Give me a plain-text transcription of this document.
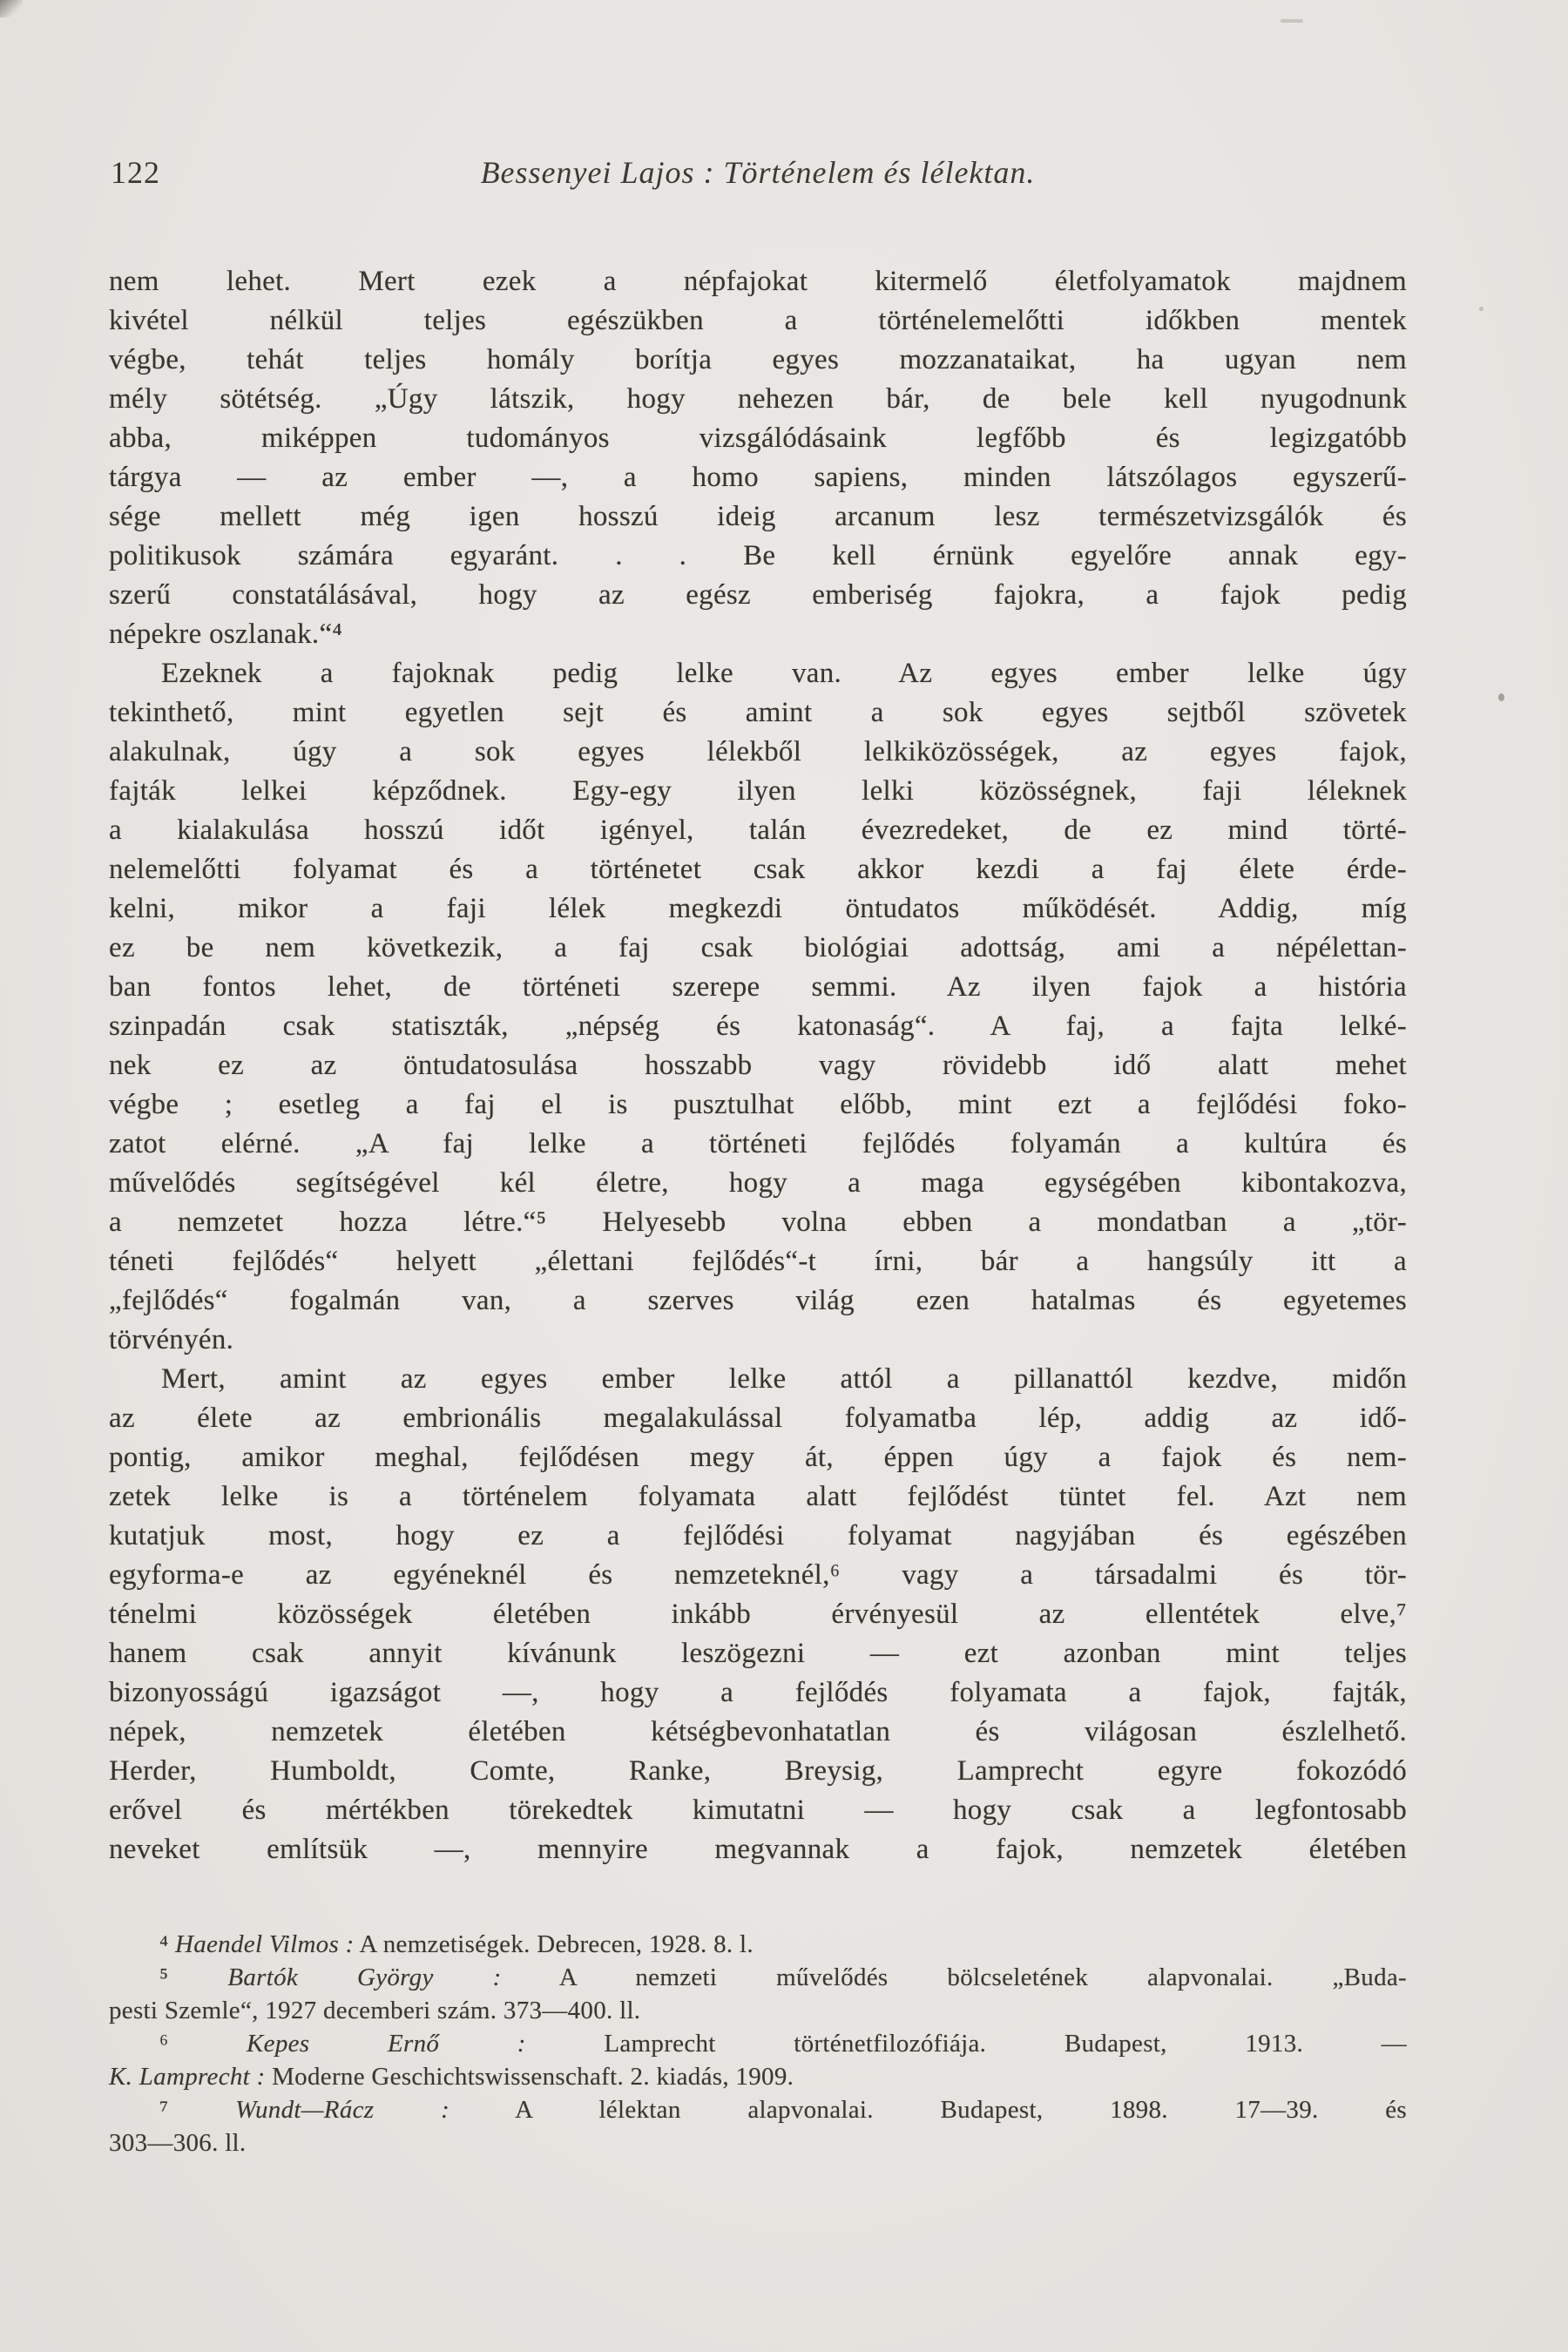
122	Bessenyei Lajos : Történelem és lélektan.
nem lehet. Mert ezek a népfajokat kitermelő életfolyamatok majdnem
kivétel nélkül teljes egészükben a történelemelőtti időkben mentek
végbe, tehát teljes homály borítja egyes mozzanataikat, ha ugyan nem
mély sötétség. „Úgy látszik, hogy nehezen bár, de bele kell nyugodnunk
abba, miképpen tudományos vizsgálódásaink legfőbb és legizgatóbb
tárgya — az ember —, a homo sapiens, minden látszólagos egyszerű-
sége mellett még igen hosszú ideig arcanum lesz természetvizsgálók és
politikusok számára egyaránt. . . Be kell érnünk egyelőre annak egy-
szerű constatálásával, hogy az egész emberiség fajokra, a fajok pedig
népekre oszlanak.“⁴
Ezeknek a fajoknak pedig lelke van. Az egyes ember lelke úgy
tekinthető, mint egyetlen sejt és amint a sok egyes sejtből szövetek
alakulnak, úgy a sok egyes lélekből lelkiközösségek, az egyes fajok,
fajták lelkei képződnek. Egy-egy ilyen lelki közösségnek, faji léleknek
a kialakulása hosszú időt igényel, talán évezredeket, de ez mind törté-
nelemelőtti folyamat és a történetet csak akkor kezdi a faj élete érde-
kelni, mikor a faji lélek megkezdi öntudatos működését. Addig, míg
ez be nem következik, a faj csak biológiai adottság, ami a népélettan-
ban fontos lehet, de történeti szerepe semmi. Az ilyen fajok a história
szinpadán csak statiszták, „népség és katonaság“. A faj, a fajta lelké-
nek ez az öntudatosulása hosszabb vagy rövidebb idő alatt mehet
végbe ; esetleg a faj el is pusztulhat előbb, mint ezt a fejlődési foko-
zatot elérné. „A faj lelke a történeti fejlődés folyamán a kultúra és
művelődés segítségével kél életre, hogy a maga egységében kibontakozva,
a nemzetet hozza létre.“⁵ Helyesebb volna ebben a mondatban a „tör-
téneti fejlődés“ helyett „élettani fejlődés“-t írni, bár a hangsúly itt a
„fejlődés“ fogalmán van, a szerves világ ezen hatalmas és egyetemes
törvényén.
Mert, amint az egyes ember lelke attól a pillanattól kezdve, midőn
az élete az embrionális megalakulással folyamatba lép, addig az idő-
pontig, amikor meghal, fejlődésen megy át, éppen úgy a fajok és nem-
zetek lelke is a történelem folyamata alatt fejlődést tüntet fel. Azt nem
kutatjuk most, hogy ez a fejlődési folyamat nagyjában és egészében
egyforma-e az egyéneknél és nemzeteknél,⁶ vagy a társadalmi és tör-
ténelmi közösségek életében inkább érvényesül az ellentétek elve,⁷
hanem csak annyit kívánunk leszögezni — ezt azonban mint teljes
bizonyosságú igazságot —, hogy a fejlődés folyamata a fajok, fajták,
népek, nemzetek életében kétségbevonhatatlan és világosan észlelhető.
Herder, Humboldt, Comte, Ranke, Breysig, Lamprecht egyre fokozódó
erővel és mértékben törekedtek kimutatni — hogy csak a legfontosabb
neveket említsük —, mennyire megvannak a fajok, nemzetek életében
⁴ Haendel Vilmos : A nemzetiségek. Debrecen, 1928. 8. l.
⁵ Bartók György : A nemzeti művelődés bölcseletének alapvonalai. „Buda-
pesti Szemle“, 1927 decemberi szám. 373—400. ll.
⁶ Kepes Ernő : Lamprecht történetfilozófiája. Budapest, 1913. —
K. Lamprecht : Moderne Geschichtswissenschaft. 2. kiadás, 1909.
⁷ Wundt—Rácz : A lélektan alapvonalai. Budapest, 1898. 17—39. és
303—306. ll.
